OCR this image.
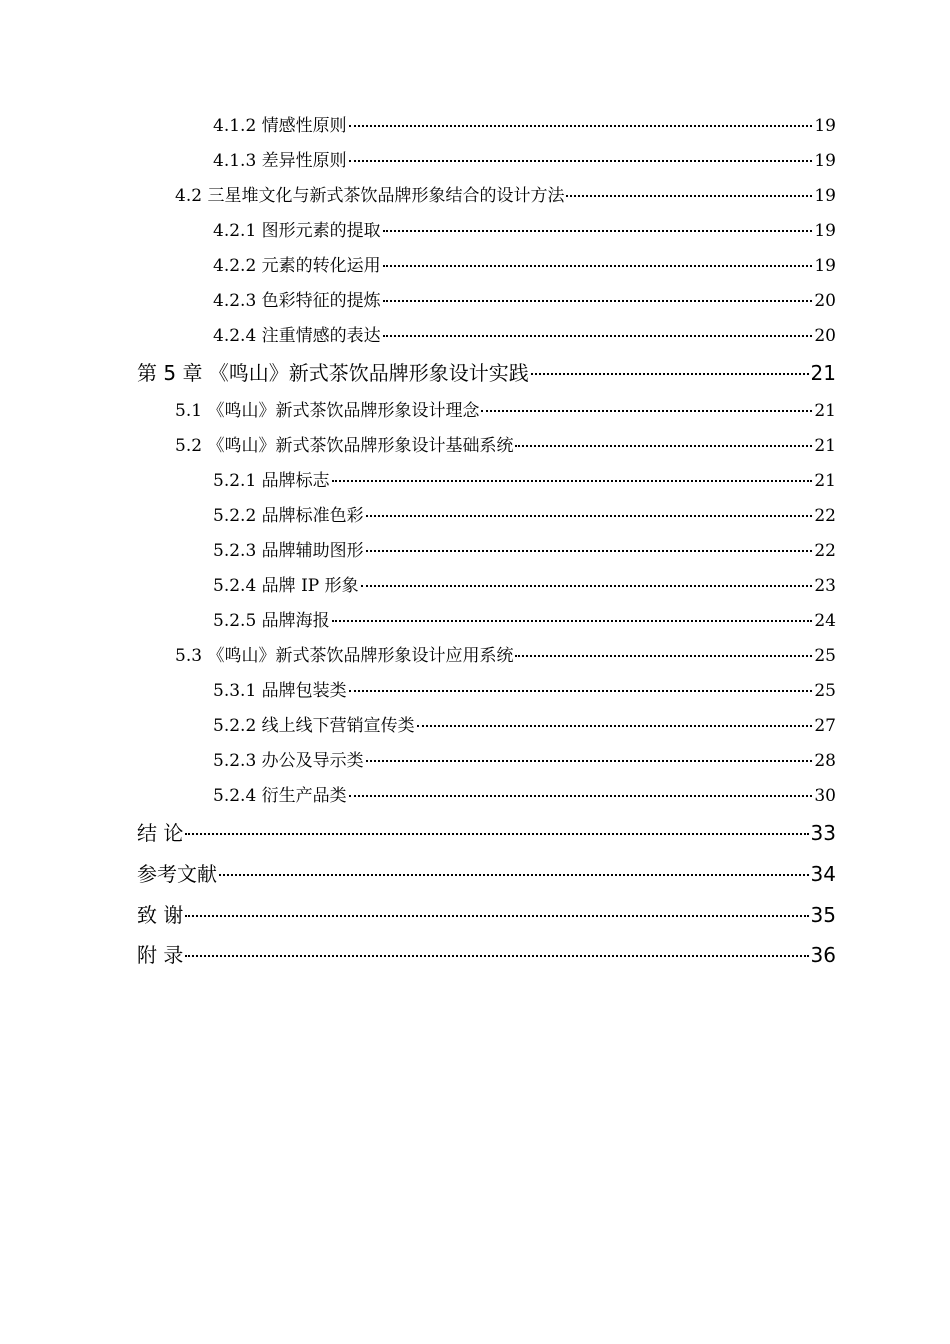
4.1.2 情感性原则	19
4.1.3 差异性原则	19
4.2 三星堆文化与新式茶饮品牌形象结合的设计方法	19
4.2.1 图形元素的提取	19
4.2.2 元素的转化运用	19
4.2.3 色彩特征的提炼	20
4.2.4 注重情感的表达	20
第 5 章 《鸣山》新式茶饮品牌形象设计实践	21
5.1 《鸣山》新式茶饮品牌形象设计理念	21
5.2 《鸣山》新式茶饮品牌形象设计基础系统	21
5.2.1 品牌标志	21
5.2.2 品牌标准色彩	22
5.2.3 品牌辅助图形	22
5.2.4 品牌 IP 形象	23
5.2.5 品牌海报	24
5.3 《鸣山》新式茶饮品牌形象设计应用系统	25
5.3.1 品牌包装类	25
5.2.2 线上线下营销宣传类	27
5.2.3 办公及导示类	28
5.2.4 衍生产品类	30
结 论	33
参考文献	34
致 谢	35
附 录	36
